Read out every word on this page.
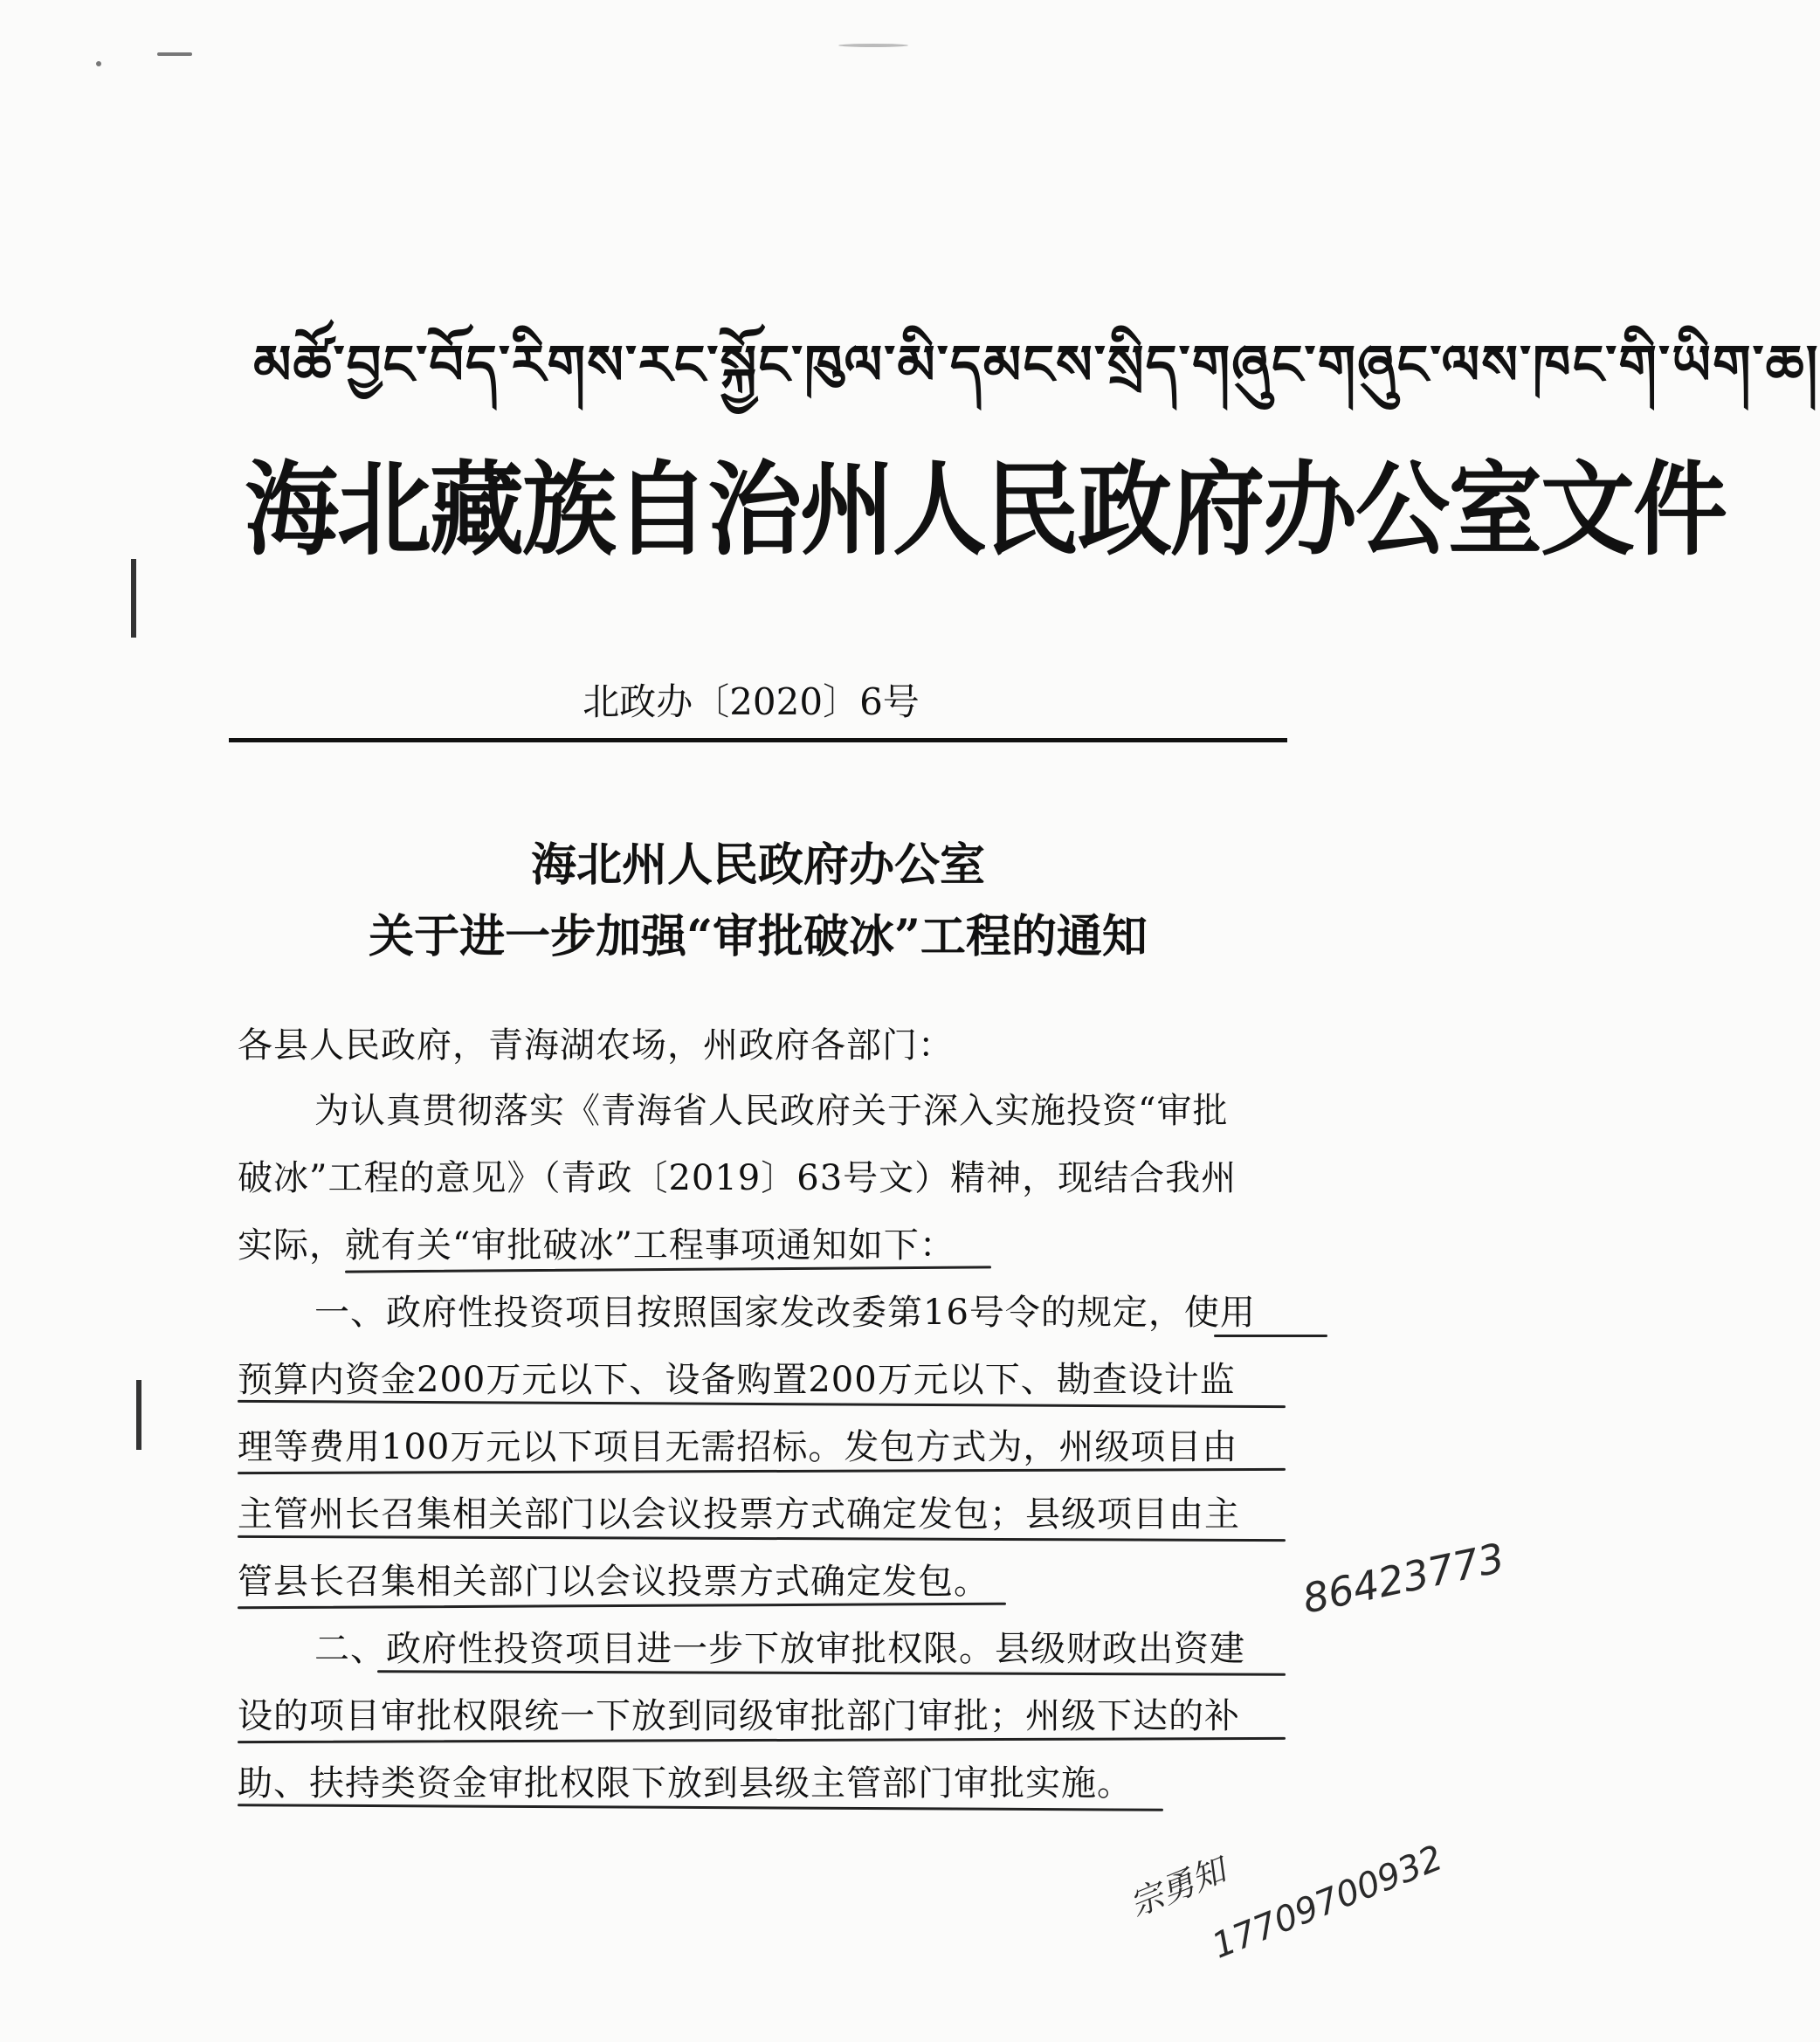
མཚོ་བྱང་བོད་རིགས་རང་སྐྱོང་ཁུལ་མི་དམངས་སྲིད་གཞུང་གཞུང་ལས་ཁང་གི་ཡིག་ཆ།
海北藏族自治州人民政府办公室文件
北政办〔2020〕6号
海北州人民政府办公室
关于进一步加强“审批破冰”工程的通知
各县人民政府，青海湖农场，州政府各部门：
为认真贯彻落实《青海省人民政府关于深入实施投资“审批
破冰”工程的意见》（青政〔2019〕63号文）精神，现结合我州
实际，就有关“审批破冰”工程事项通知如下：
一、政府性投资项目按照国家发改委第16号令的规定，使用
预算内资金200万元以下、设备购置200万元以下、勘查设计监
理等费用100万元以下项目无需招标。发包方式为，州级项目由
主管州长召集相关部门以会议投票方式确定发包；县级项目由主
管县长召集相关部门以会议投票方式确定发包。
二、政府性投资项目进一步下放审批权限。县级财政出资建
设的项目审批权限统一下放到同级审批部门审批；州级下达的补
助、扶持类资金审批权限下放到县级主管部门审批实施。
86423773
宗勇知
17709700932
